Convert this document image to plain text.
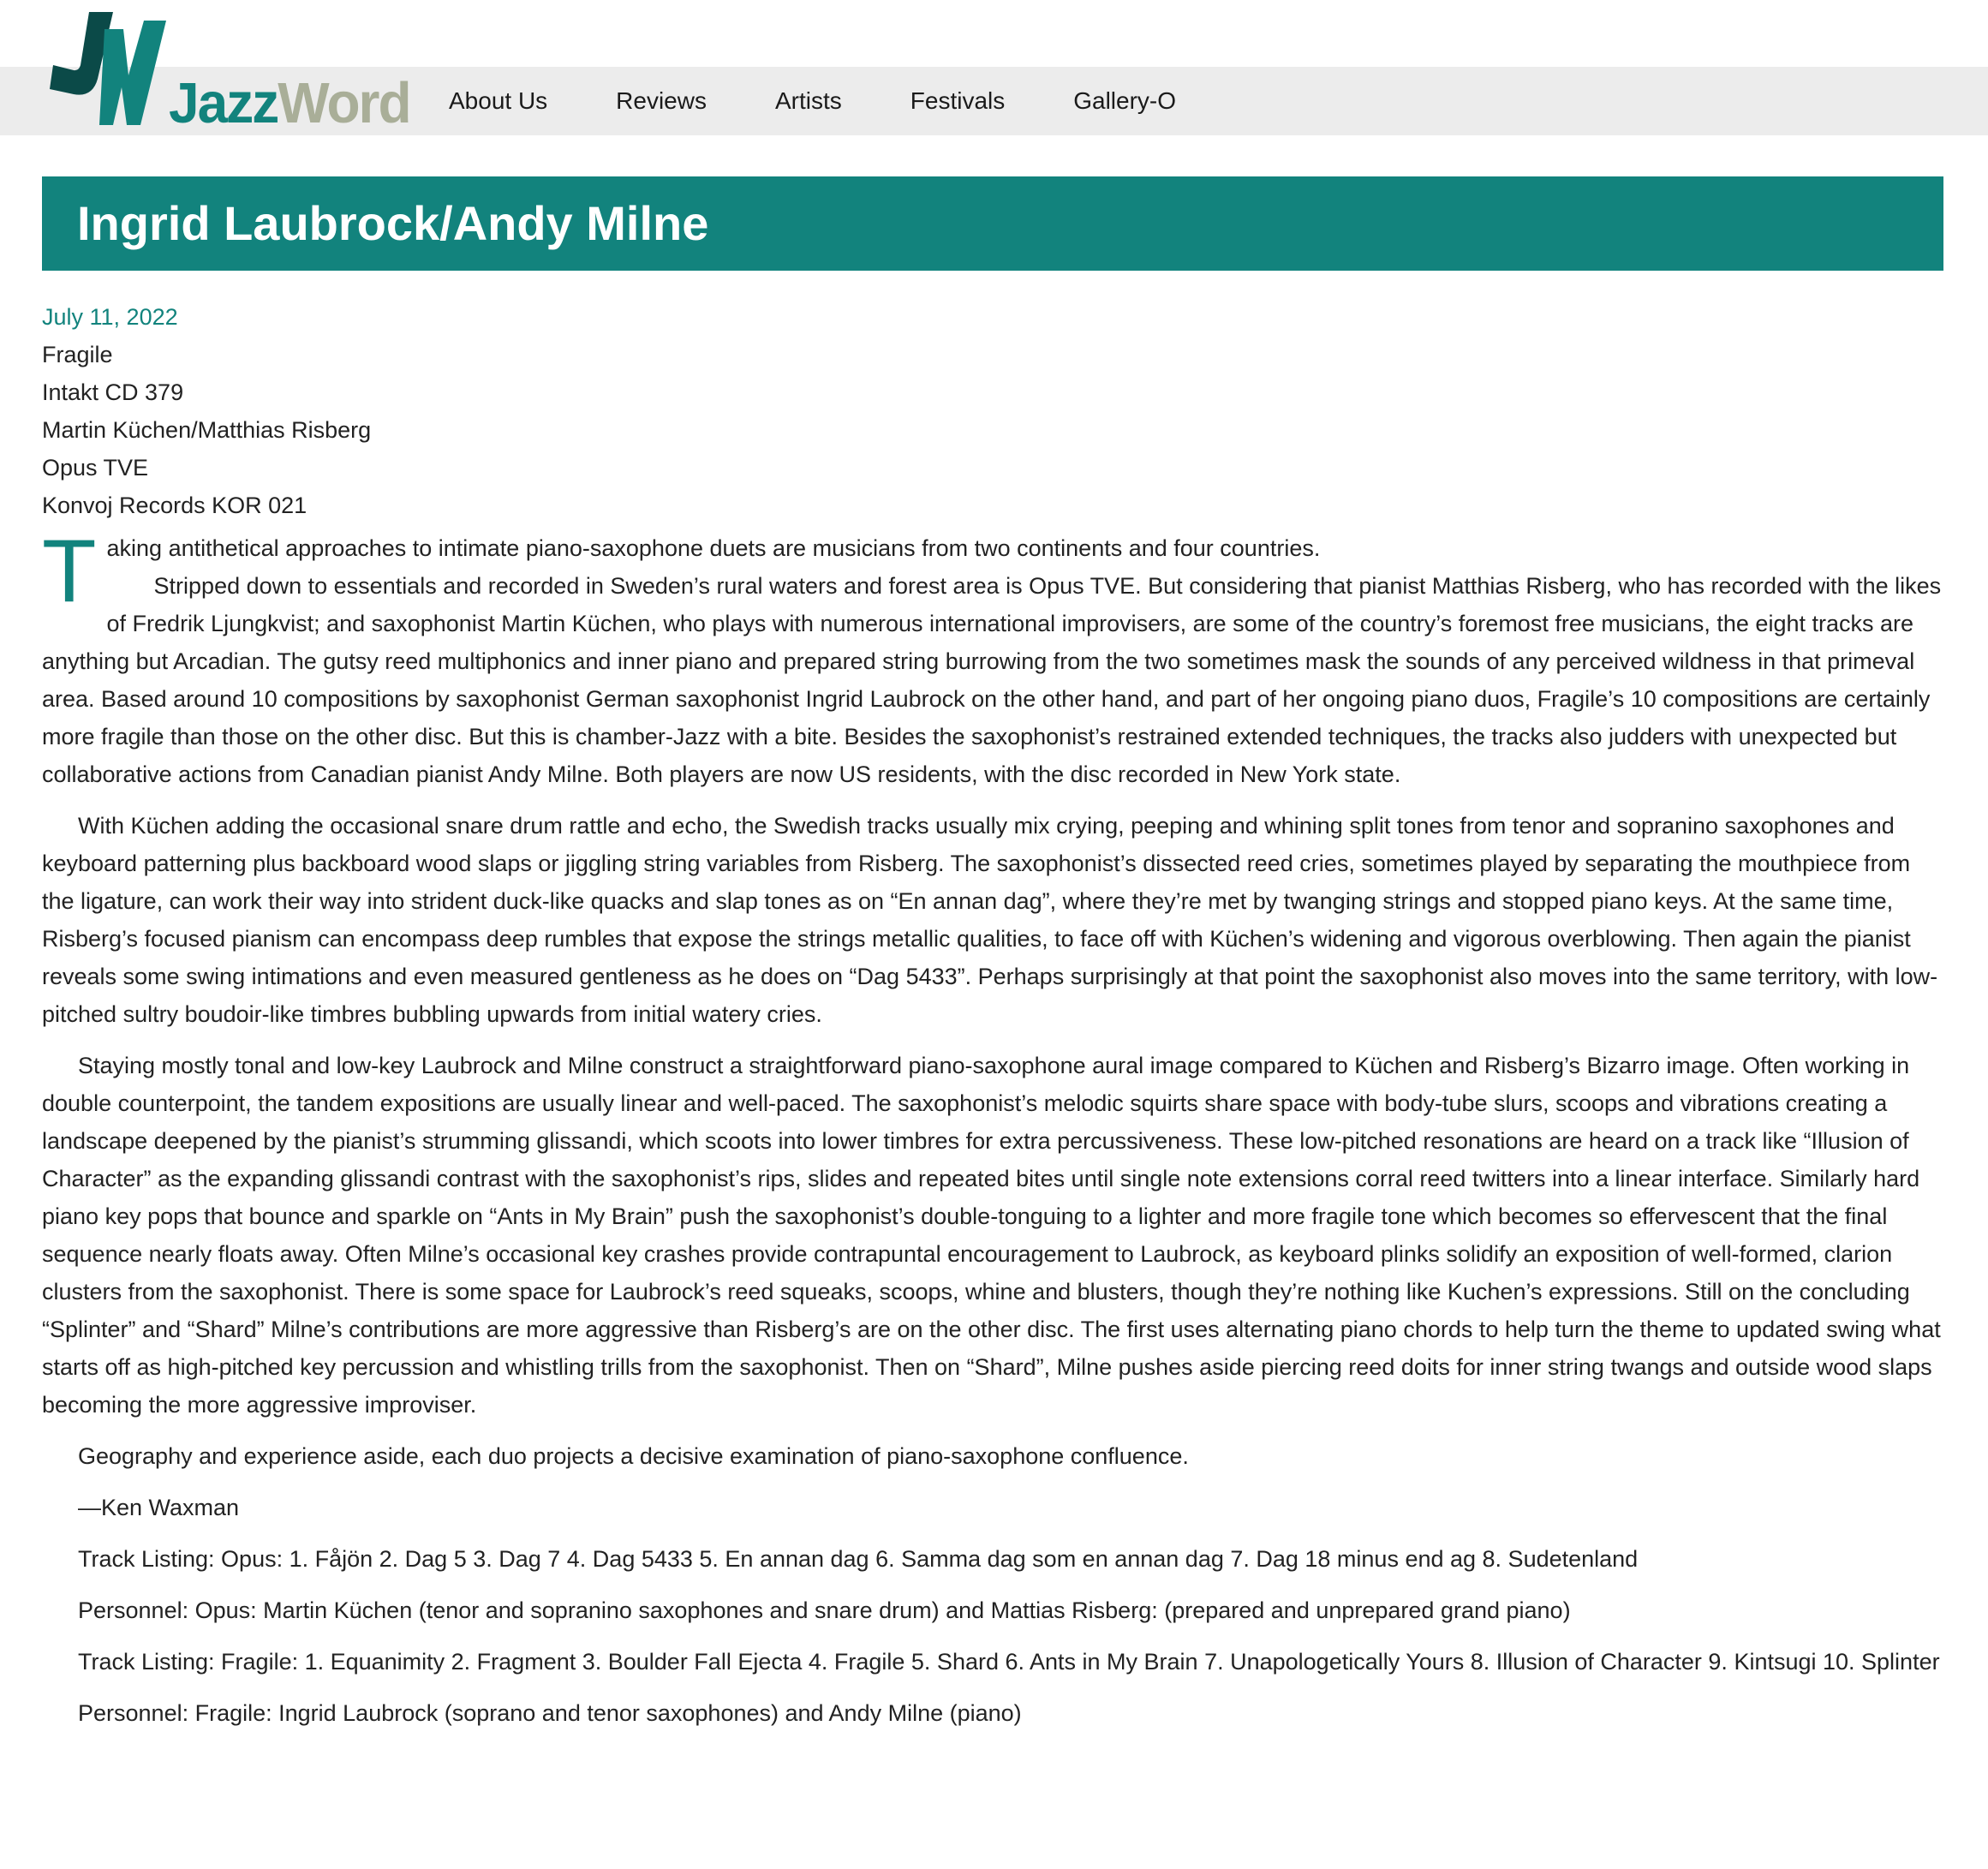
JazzWord About Us	Reviews	Artists	Festivals	Gallery-O
Ingrid Laubrock/Andy Milne

July 11, 2022

Fragile

Intakt CD 379

Martin Küchen/Matthias Risberg

Opus TVE

Konvoj Records KOR 021

Taking antithetical approaches to intimate piano-saxophone duets are musicians from two continents and four countries.

Stripped down to essentials and recorded in Sweden’s rural waters and forest area is Opus TVE. But considering that pianist Matthias Risberg, who has recorded with the likes of Fredrik Ljungkvist; and saxophonist Martin Küchen, who plays with numerous international improvisers, are some of the country’s foremost free musicians, the eight tracks are anything but Arcadian. The gutsy reed multiphonics and inner piano and prepared string burrowing from the two sometimes mask the sounds of any perceived wildness in that primeval area. Based around 10 compositions by saxophonist German saxophonist Ingrid Laubrock on the other hand, and part of her ongoing piano duos, Fragile’s 10 compositions are certainly more fragile than those on the other disc. But this is chamber-Jazz with a bite. Besides the saxophonist’s restrained extended techniques, the tracks also judders with unexpected but collaborative actions from Canadian pianist Andy Milne. Both players are now US residents, with the disc recorded in New York state.

With Küchen adding the occasional snare drum rattle and echo, the Swedish tracks usually mix crying, peeping and whining split tones from tenor and sopranino saxophones and keyboard patterning plus backboard wood slaps or jiggling string variables from Risberg. The saxophonist’s dissected reed cries, sometimes played by separating the mouthpiece from the ligature, can work their way into strident duck-like quacks and slap tones as on “En annan dag”, where they’re met by twanging strings and stopped piano keys. At the same time, Risberg’s focused pianism can encompass deep rumbles that expose the strings metallic qualities, to face off with Küchen’s widening and vigorous overblowing. Then again the pianist reveals some swing intimations and even measured gentleness as he does on “Dag 5433”. Perhaps surprisingly at that point the saxophonist also moves into the same territory, with low-pitched sultry boudoir-like timbres bubbling upwards from initial watery cries.

Staying mostly tonal and low-key Laubrock and Milne construct a straightforward piano-saxophone aural image compared to Küchen and Risberg’s Bizarro image. Often working in double counterpoint, the tandem expositions are usually linear and well-paced. The saxophonist’s melodic squirts share space with body-tube slurs, scoops and vibrations creating a landscape deepened by the pianist’s strumming glissandi, which scoots into lower timbres for extra percussiveness. These low-pitched resonations are heard on a track like “Illusion of Character” as the expanding glissandi contrast with the saxophonist’s rips, slides and repeated bites until single note extensions corral reed twitters into a linear interface. Similarly hard piano key pops that bounce and sparkle on “Ants in My Brain” push the saxophonist’s double-tonguing to a lighter and more fragile tone which becomes so effervescent that the final sequence nearly floats away. Often Milne’s occasional key crashes provide contrapuntal encouragement to Laubrock, as keyboard plinks solidify an exposition of well-formed, clarion clusters from the saxophonist. There is some space for Laubrock’s reed squeaks, scoops, whine and blusters, though they’re nothing like Kuchen’s expressions. Still on the concluding “Splinter” and “Shard” Milne’s contributions are more aggressive than Risberg’s are on the other disc. The first uses alternating piano chords to help turn the theme to updated swing what starts off as high-pitched key percussion and whistling trills from the saxophonist. Then on “Shard”, Milne pushes aside piercing reed doits for inner string twangs and outside wood slaps becoming the more aggressive improviser.

Geography and experience aside, each duo projects a decisive examination of piano-saxophone confluence.

—Ken Waxman

Track Listing: Opus: 1. Fåjön 2. Dag 5 3. Dag 7 4. Dag 5433 5. En annan dag 6. Samma dag som en annan dag 7. Dag 18 minus end ag 8. Sudetenland

Personnel: Opus: Martin Küchen (tenor and sopranino saxophones and snare drum) and Mattias Risberg: (prepared and unprepared grand piano)

Track Listing: Fragile: 1. Equanimity 2. Fragment 3. Boulder Fall Ejecta 4. Fragile 5. Shard 6. Ants in My Brain 7. Unapologetically Yours 8. Illusion of Character 9. Kintsugi 10. Splinter

Personnel: Fragile: Ingrid Laubrock (soprano and tenor saxophones) and Andy Milne (piano)
